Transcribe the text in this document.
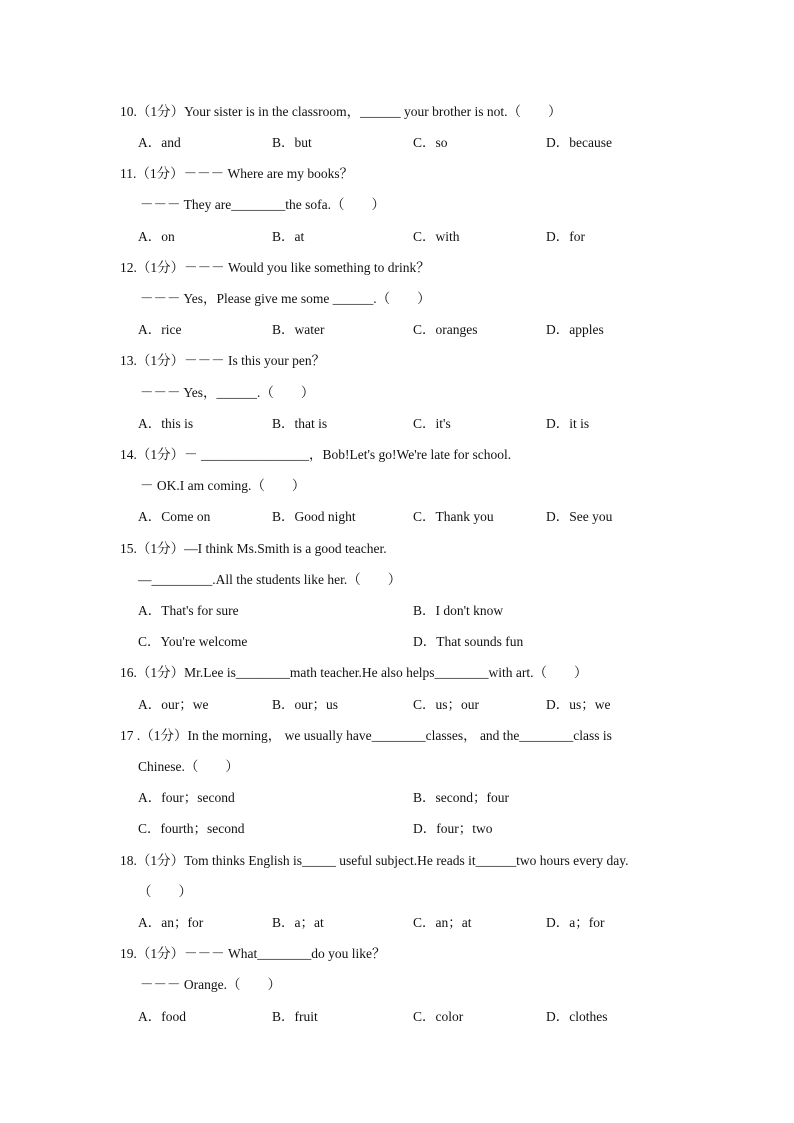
10.（1分）Your sister is in the classroom，______ your brother is not.（　　）
A．and	B．but	C．so	D．because
11.（1分）－－－ Where are my books？
－－－ They are________the sofa.（　　）
A．on	B．at	C．with	D．for
12.（1分）－－－ Would you like something to drink？
－－－ Yes，Please give me some ______.（　　）
A．rice	B．water	C．oranges	D．apples
13.（1分）－－－ Is this your pen？
－－－ Yes，______.（　　）
A．this is	B．that is	C．it's	D．it is
14.（1分）－ ________________，Bob!Let's go!We're late for school.
－ OK.I am coming.（　　）
A．Come on	B．Good night	C．Thank you	D．See you
15.（1分）—I think Ms.Smith is a good teacher.
—_________.All the students like her.（　　）
A．That's for sure	B．I don't know
C．You're welcome	D．That sounds fun
16.（1分）Mr.Lee is________math teacher.He also helps________with art.（　　）
A．our；we	B．our；us	C．us；our	D．us；we
17 .（1分）In the morning， we usually have________classes， and the________class is
Chinese.（　　）
A．four；second	B．second；four
C．fourth；second	D．four；two
18.（1分）Tom thinks English is_____ useful subject.He reads it______two hours every day.
（　　）
A．an；for	B．a；at	C．an；at	D．a；for
19.（1分）－－－ What________do you like？
－－－ Orange.（　　）
A．food	B．fruit	C．color	D．clothes
